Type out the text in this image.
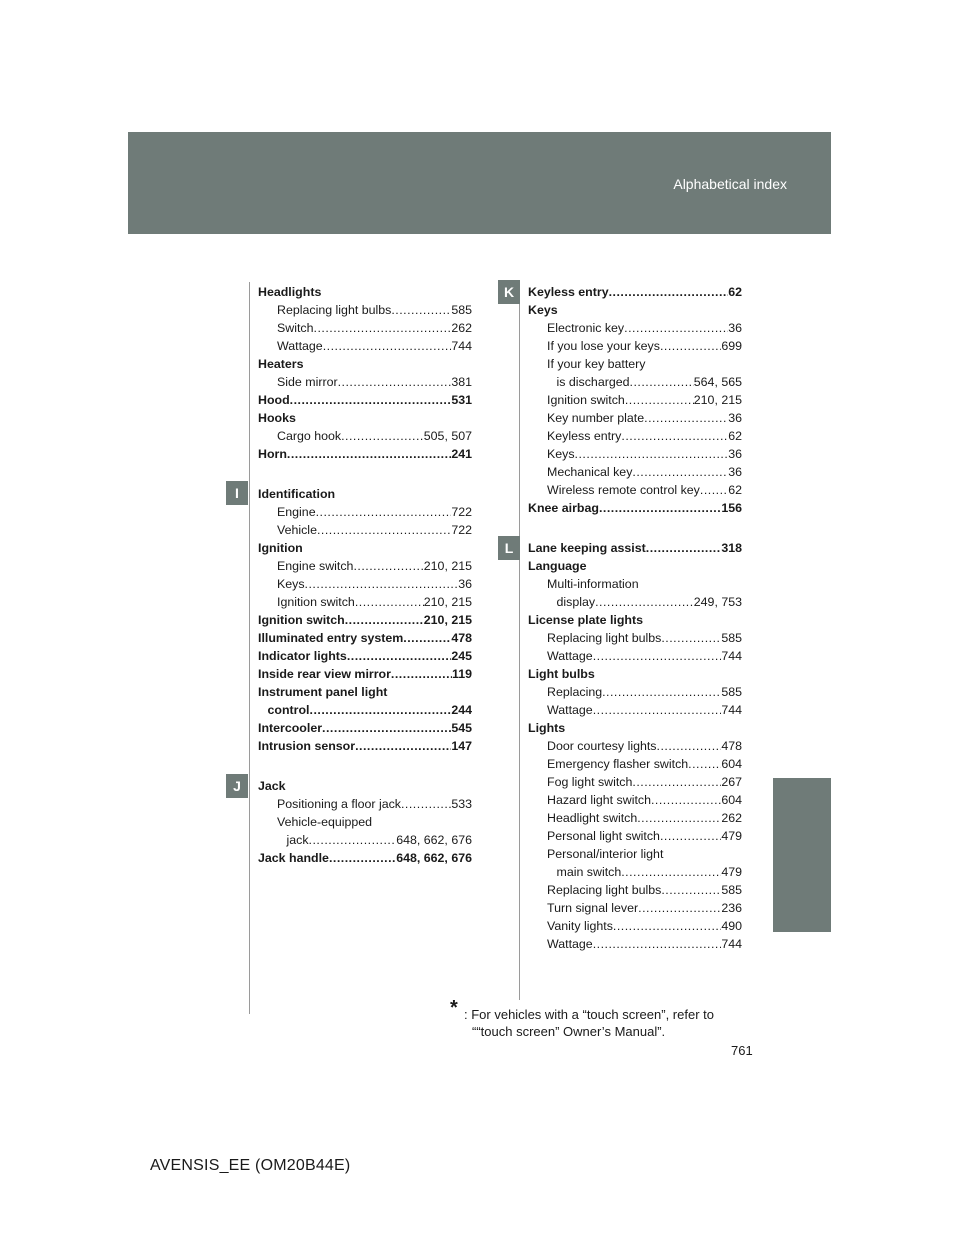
Alphabetical index
I
J
K
L
Headlights
Replacing light bulbs .....	585
Switch .....	262
Wattage .....	744
Heaters
Side mirror .....	381
Hood .....	531
Hooks
Cargo hook .....	505, 507
Horn .....	241
Identification
Engine .....	722
Vehicle .....	722
Ignition
Engine switch .....	210, 215
Keys .....	36
Ignition switch .....	210, 215
Ignition switch .....	210, 215
Illuminated entry system .....	478
Indicator lights .....	245
Inside rear view mirror .....	119
Instrument panel light
control .....	244
Intercooler .....	545
Intrusion sensor .....	147
Jack
Positioning a floor jack .....	533
Vehicle-equipped
jack .....	648, 662, 676
Jack handle .....	648, 662, 676
Keyless entry .....	62
Keys
Electronic key .....	36
If you lose your keys .....	699
If your key battery
is discharged .....	564, 565
Ignition switch .....	210, 215
Key number plate .....	36
Keyless entry .....	62
Keys .....	36
Mechanical key .....	36
Wireless remote control key ..... 62
Knee airbag .....	156
Lane keeping assist .....	318
Language
Multi-information
display .....	249, 753
License plate lights
Replacing light bulbs .....	585
Wattage .....	744
Light bulbs
Replacing .....	585
Wattage .....	744
Lights
Door courtesy lights .....	478
Emergency flasher switch .....	604
Fog light switch .....	267
Hazard light switch .....	604
Headlight switch .....	262
Personal light switch .....	479
Personal/interior light
main switch .....	479
Replacing light bulbs .....	585
Turn signal lever .....	236
Vanity lights .....	490
Wattage .....	744
* : For vehicles with a “touch screen”, refer to
““touch screen” Owner’s Manual”.
761
AVENSIS_EE (OM20B44E)
